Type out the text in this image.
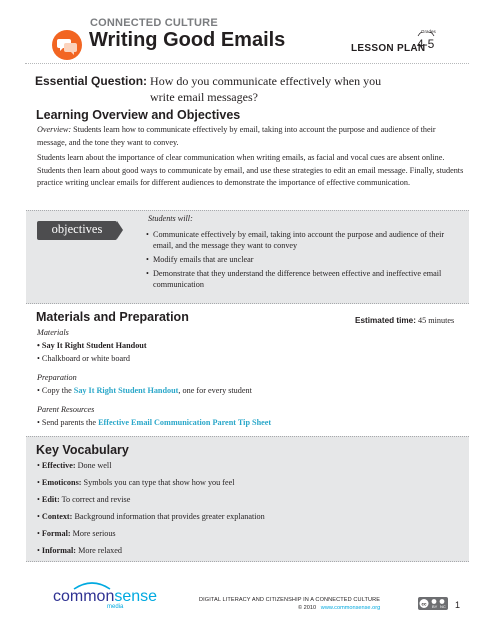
CONNECTED CULTURE
Writing Good Emails	LESSON PLAN
Grades
4-5
Essential Question: How do you communicate effectively when you
write email messages?
Learning Overview and Objectives

Overview: Students learn how to communicate effectively by email, taking into account the purpose and audience of their message, and the tone they want to convey.

Students learn about the importance of clear communication when writing emails, as facial and vocal cues are absent online. Students then learn about good ways to communicate by email, and use these strategies to edit an email message. Finally, students practice writing unclear emails for different audiences to demonstrate the importance of effective communication.

objectives
Students will:
• Communicate effectively by email, taking into account the purpose and audience of their email, and the message they want to convey
• Modify emails that are unclear
• Demonstrate that they understand the difference between effective and ineffective email communication
Materials and Preparation	Estimated time: 45 minutes
Materials
• Say It Right Student Handout
• Chalkboard or white board
Preparation
• Copy the Say It Right Student Handout, one for every student
Parent Resources
• Send parents the Effective Email Communication Parent Tip Sheet
Key Vocabulary
• Effective: Done well
• Emoticons: Symbols you can type that show how you feel
• Edit: To correct and revise
• Context: Background information that provides greater explanation
• Formal: More serious
• Informal: More relaxed
commonsense
media
DIGITAL LITERACY AND CITIZENSHIP IN A CONNECTED CULTURE
© 2010 www.commonsense.org
cc
BY NC 1
